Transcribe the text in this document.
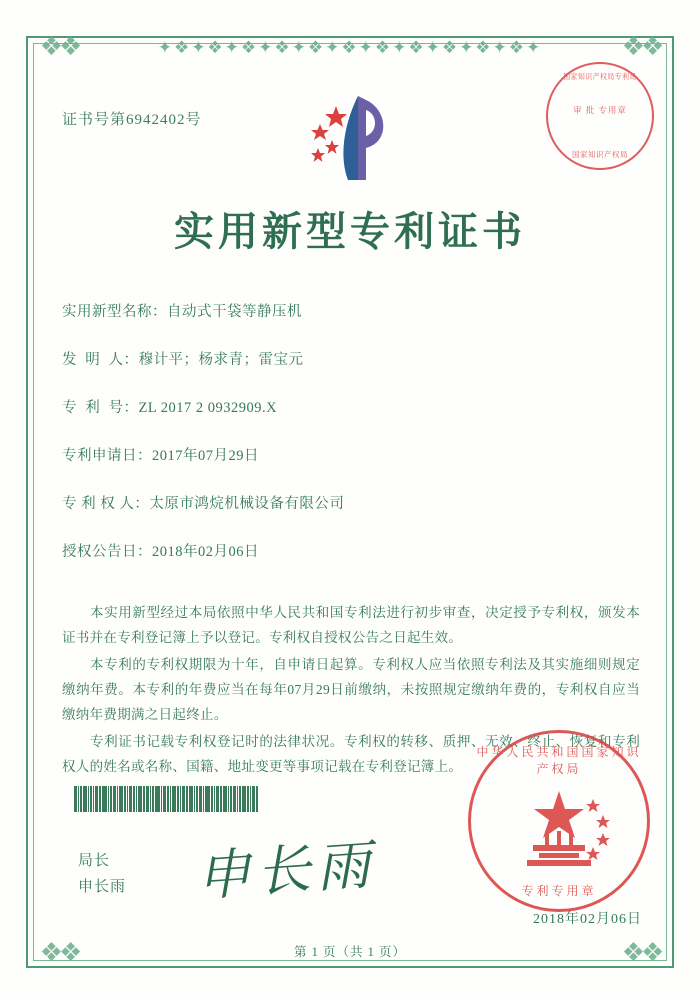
✦❖✦❖✦❖✦❖✦❖✦❖✦❖✦❖✦❖✦❖✦❖✦
❖❖	❖❖
❖❖	❖❖
证书号第6942402号
国家知识产权局专利局
审 批 专用章
国家知识产权局
实用新型专利证书
实用新型名称： 自动式干袋等静压机
发  明  人： 穆计平；杨求青；雷宝元
专  利  号： ZL 2017 2 0932909.X
专利申请日： 2017年07月29日
专 利 权 人： 太原市鸿烷机械设备有限公司
授权公告日： 2018年02月06日

本实用新型经过本局依照中华人民共和国专利法进行初步审查，决定授予专利权，颁发本证书并在专利登记簿上予以登记。专利权自授权公告之日起生效。

本专利的专利权期限为十年，自申请日起算。专利权人应当依照专利法及其实施细则规定缴纳年费。本专利的年费应当在每年07月29日前缴纳，未按照规定缴纳年费的，专利权自应当缴纳年费期满之日起终止。

专利证书记载专利权登记时的法律状况。专利权的转移、质押、无效、终止、恢复和专利权人的姓名或名称、国籍、地址变更等事项记载在专利登记簿上。

局长
申长雨 申长雨
中华人民共和国国家知识产权局
专利专用章
2018年02月06日
第 1 页（共 1 页）
